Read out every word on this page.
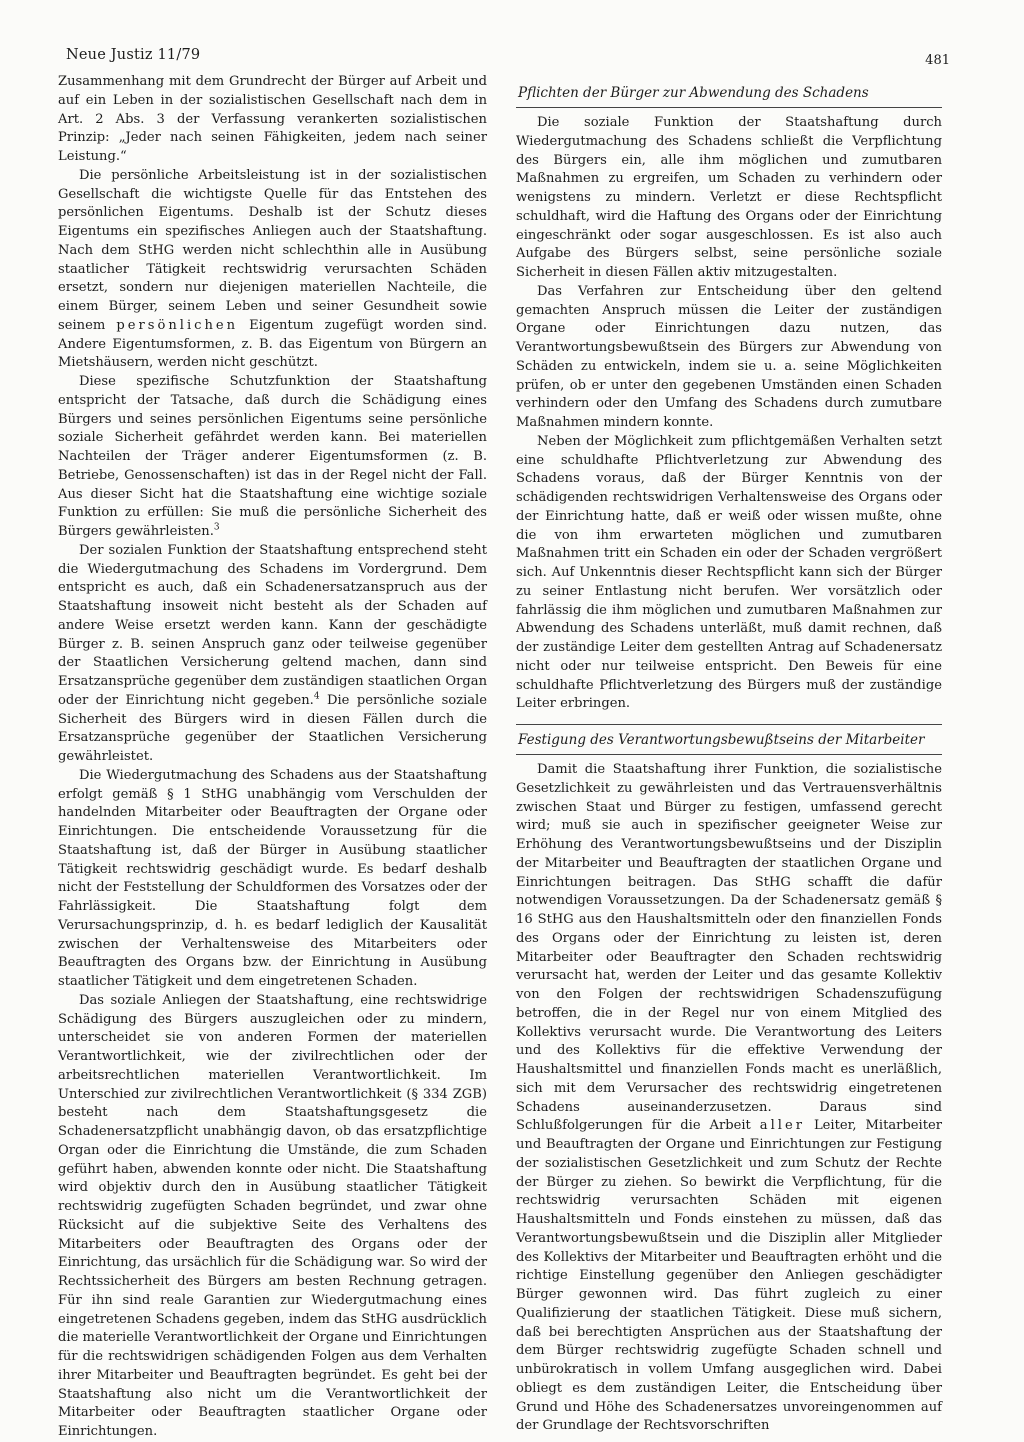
Neue Justiz 11/79	481

Zusammenhang mit dem Grundrecht der Bürger auf Arbeit und auf ein Leben in der sozialistischen Gesellschaft nach dem in Art. 2 Abs. 3 der Verfassung verankerten sozialistischen Prinzip: „Jeder nach seinen Fähigkeiten, jedem nach seiner Leistung.“

Die persönliche Arbeitsleistung ist in der sozialistischen Gesellschaft die wichtigste Quelle für das Entstehen des persönlichen Eigentums. Deshalb ist der Schutz dieses Eigentums ein spezifisches Anliegen auch der Staatshaftung. Nach dem StHG werden nicht schlechthin alle in Ausübung staatlicher Tätigkeit rechtswidrig verursachten Schäden ersetzt, sondern nur diejenigen materiellen Nachteile, die einem Bürger, seinem Leben und seiner Gesundheit sowie seinem persönlichen Eigentum zugefügt worden sind. Andere Eigentumsformen, z. B. das Eigentum von Bürgern an Mietshäusern, werden nicht geschützt.

Diese spezifische Schutzfunktion der Staatshaftung entspricht der Tatsache, daß durch die Schädigung eines Bürgers und seines persönlichen Eigentums seine persönliche soziale Sicherheit gefährdet werden kann. Bei materiellen Nachteilen der Träger anderer Eigentumsformen (z. B. Betriebe, Genossenschaften) ist das in der Regel nicht der Fall. Aus dieser Sicht hat die Staatshaftung eine wichtige soziale Funktion zu erfüllen: Sie muß die persönliche Sicherheit des Bürgers gewährleisten.$^3$

Der sozialen Funktion der Staatshaftung entsprechend steht die Wiedergutmachung des Schadens im Vordergrund. Dem entspricht es auch, daß ein Schadenersatzanspruch aus der Staatshaftung insoweit nicht besteht als der Schaden auf andere Weise ersetzt werden kann. Kann der geschädigte Bürger z. B. seinen Anspruch ganz oder teilweise gegenüber der Staatlichen Versicherung geltend machen, dann sind Ersatzansprüche gegenüber dem zuständigen staatlichen Organ oder der Einrichtung nicht gegeben.$^4$ Die persönliche soziale Sicherheit des Bürgers wird in diesen Fällen durch die Ersatzansprüche gegenüber der Staatlichen Versicherung gewährleistet.

Die Wiedergutmachung des Schadens aus der Staatshaftung erfolgt gemäß § 1 StHG unabhängig vom Verschulden der handelnden Mitarbeiter oder Beauftragten der Organe oder Einrichtungen. Die entscheidende Voraussetzung für die Staatshaftung ist, daß der Bürger in Ausübung staatlicher Tätigkeit rechtswidrig geschädigt wurde. Es bedarf deshalb nicht der Feststellung der Schuldformen des Vorsatzes oder der Fahrlässigkeit. Die Staatshaftung folgt dem Verursachungsprinzip, d. h. es bedarf lediglich der Kausalität zwischen der Verhaltensweise des Mitarbeiters oder Beauftragten des Organs bzw. der Einrichtung in Ausübung staatlicher Tätigkeit und dem eingetretenen Schaden.

Das soziale Anliegen der Staatshaftung, eine rechtswidrige Schädigung des Bürgers auszugleichen oder zu mindern, unterscheidet sie von anderen Formen der materiellen Verantwortlichkeit, wie der zivilrechtlichen oder der arbeitsrechtlichen materiellen Verantwortlichkeit. Im Unterschied zur zivilrechtlichen Verantwortlichkeit (§ 334 ZGB) besteht nach dem Staatshaftungsgesetz die Schadenersatzpflicht unabhängig davon, ob das ersatzpflichtige Organ oder die Einrichtung die Umstände, die zum Schaden geführt haben, abwenden konnte oder nicht. Die Staatshaftung wird objektiv durch den in Ausübung staatlicher Tätigkeit rechtswidrig zugefügten Schaden begründet, und zwar ohne Rücksicht auf die subjektive Seite des Verhaltens des Mitarbeiters oder Beauftragten des Organs oder der Einrichtung, das ursächlich für die Schädigung war. So wird der Rechtssicherheit des Bürgers am besten Rechnung getragen. Für ihn sind reale Garantien zur Wiedergutmachung eines eingetretenen Schadens gegeben, indem das StHG ausdrücklich die materielle Verantwortlichkeit der Organe und Einrichtungen für die rechtswidrigen schädigenden Folgen aus dem Verhalten ihrer Mitarbeiter und Beauftragten begründet. Es geht bei der Staatshaftung also nicht um die Verantwortlichkeit der Mitarbeiter oder Beauftragten staatlicher Organe oder Einrichtungen.

Pflichten der Bürger zur Abwendung des Schadens

Die soziale Funktion der Staatshaftung durch Wiedergutmachung des Schadens schließt die Verpflichtung des Bürgers ein, alle ihm möglichen und zumutbaren Maßnahmen zu ergreifen, um Schaden zu verhindern oder wenigstens zu mindern. Verletzt er diese Rechtspflicht schuldhaft, wird die Haftung des Organs oder der Einrichtung eingeschränkt oder sogar ausgeschlossen. Es ist also auch Aufgabe des Bürgers selbst, seine persönliche soziale Sicherheit in diesen Fällen aktiv mitzugestalten.

Das Verfahren zur Entscheidung über den geltend gemachten Anspruch müssen die Leiter der zuständigen Organe oder Einrichtungen dazu nutzen, das Verantwortungsbewußtsein des Bürgers zur Abwendung von Schäden zu entwickeln, indem sie u. a. seine Möglichkeiten prüfen, ob er unter den gegebenen Umständen einen Schaden verhindern oder den Umfang des Schadens durch zumutbare Maßnahmen mindern konnte.

Neben der Möglichkeit zum pflichtgemäßen Verhalten setzt eine schuldhafte Pflichtverletzung zur Abwendung des Schadens voraus, daß der Bürger Kenntnis von der schädigenden rechtswidrigen Verhaltensweise des Organs oder der Einrichtung hatte, daß er weiß oder wissen mußte, ohne die von ihm erwarteten möglichen und zumutbaren Maßnahmen tritt ein Schaden ein oder der Schaden vergrößert sich. Auf Unkenntnis dieser Rechtspflicht kann sich der Bürger zu seiner Entlastung nicht berufen. Wer vorsätzlich oder fahrlässig die ihm möglichen und zumutbaren Maßnahmen zur Abwendung des Schadens unterläßt, muß damit rechnen, daß der zuständige Leiter dem gestellten Antrag auf Schadenersatz nicht oder nur teilweise entspricht. Den Beweis für eine schuldhafte Pflichtverletzung des Bürgers muß der zuständige Leiter erbringen.

Festigung des Verantwortungsbewußtseins der Mitarbeiter

Damit die Staatshaftung ihrer Funktion, die sozialistische Gesetzlichkeit zu gewährleisten und das Vertrauensverhältnis zwischen Staat und Bürger zu festigen, umfassend gerecht wird; muß sie auch in spezifischer geeigneter Weise zur Erhöhung des Verantwortungsbewußtseins und der Disziplin der Mitarbeiter und Beauftragten der staatlichen Organe und Einrichtungen beitragen. Das StHG schafft die dafür notwendigen Voraussetzungen. Da der Schadenersatz gemäß § 16 StHG aus den Haushaltsmitteln oder den finanziellen Fonds des Organs oder der Einrichtung zu leisten ist, deren Mitarbeiter oder Beauftragter den Schaden rechtswidrig verursacht hat, werden der Leiter und das gesamte Kollektiv von den Folgen der rechtswidrigen Schadenszufügung betroffen, die in der Regel nur von einem Mitglied des Kollektivs verursacht wurde. Die Verantwortung des Leiters und des Kollektivs für die effektive Verwendung der Haushaltsmittel und finanziellen Fonds macht es unerläßlich, sich mit dem Verursacher des rechtswidrig eingetretenen Schadens auseinanderzusetzen. Daraus sind Schlußfolgerungen für die Arbeit aller Leiter, Mitarbeiter und Beauftragten der Organe und Einrichtungen zur Festigung der sozialistischen Gesetzlichkeit und zum Schutz der Rechte der Bürger zu ziehen. So bewirkt die Verpflichtung, für die rechtswidrig verursachten Schäden mit eigenen Haushaltsmitteln und Fonds einstehen zu müssen, daß das Verantwortungsbewußtsein und die Disziplin aller Mitglieder des Kollektivs der Mitarbeiter und Beauftragten erhöht und die richtige Einstellung gegenüber den Anliegen geschädigter Bürger gewonnen wird. Das führt zugleich zu einer Qualifizierung der staatlichen Tätigkeit. Diese muß sichern, daß bei berechtigten Ansprüchen aus der Staatshaftung der dem Bürger rechtswidrig zugefügte Schaden schnell und unbürokratisch in vollem Umfang ausgeglichen wird. Dabei obliegt es dem zuständigen Leiter, die Entscheidung über Grund und Höhe des Schadenersatzes unvoreingenommen auf der Grundlage der Rechtsvorschriften
